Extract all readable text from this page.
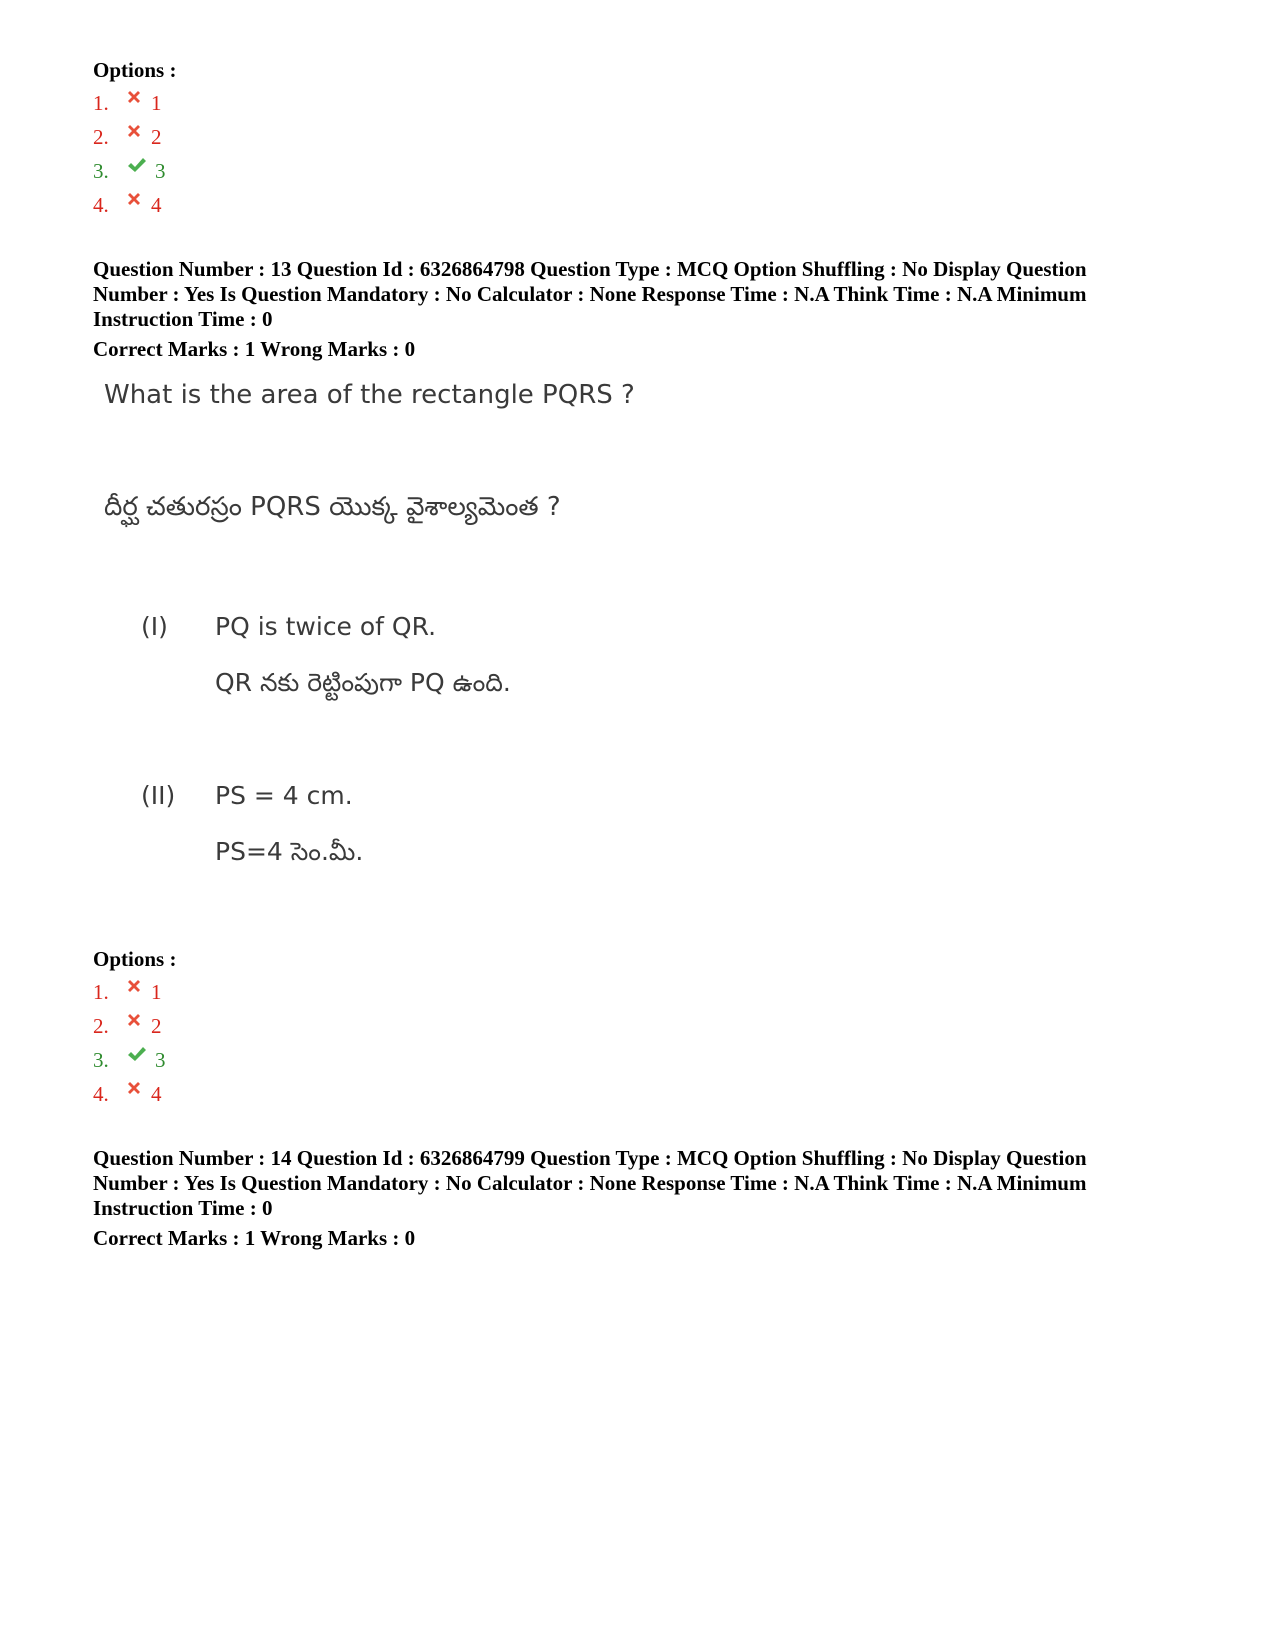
Options :
1.	1
2.	2
3.	3
4.	4
Question Number : 13 Question Id : 6326864798 Question Type : MCQ Option Shuffling : No Display Question
Number : Yes Is Question Mandatory : No Calculator : None Response Time : N.A Think Time : N.A Minimum
Instruction Time : 0
Correct Marks : 1 Wrong Marks : 0
What is the area of the rectangle PQRS ?
దీర్ఘ చతురస్రం PQRS యొక్క వైశాల్యమెంత ?
(I) PQ is twice of QR.
QR నకు రెట్టింపుగా PQ ఉంది.
(II) PS = 4 cm.
PS=4 సెం.మీ.
Options :
1.	1
2.	2
3.	3
4.	4
Question Number : 14 Question Id : 6326864799 Question Type : MCQ Option Shuffling : No Display Question
Number : Yes Is Question Mandatory : No Calculator : None Response Time : N.A Think Time : N.A Minimum
Instruction Time : 0
Correct Marks : 1 Wrong Marks : 0
